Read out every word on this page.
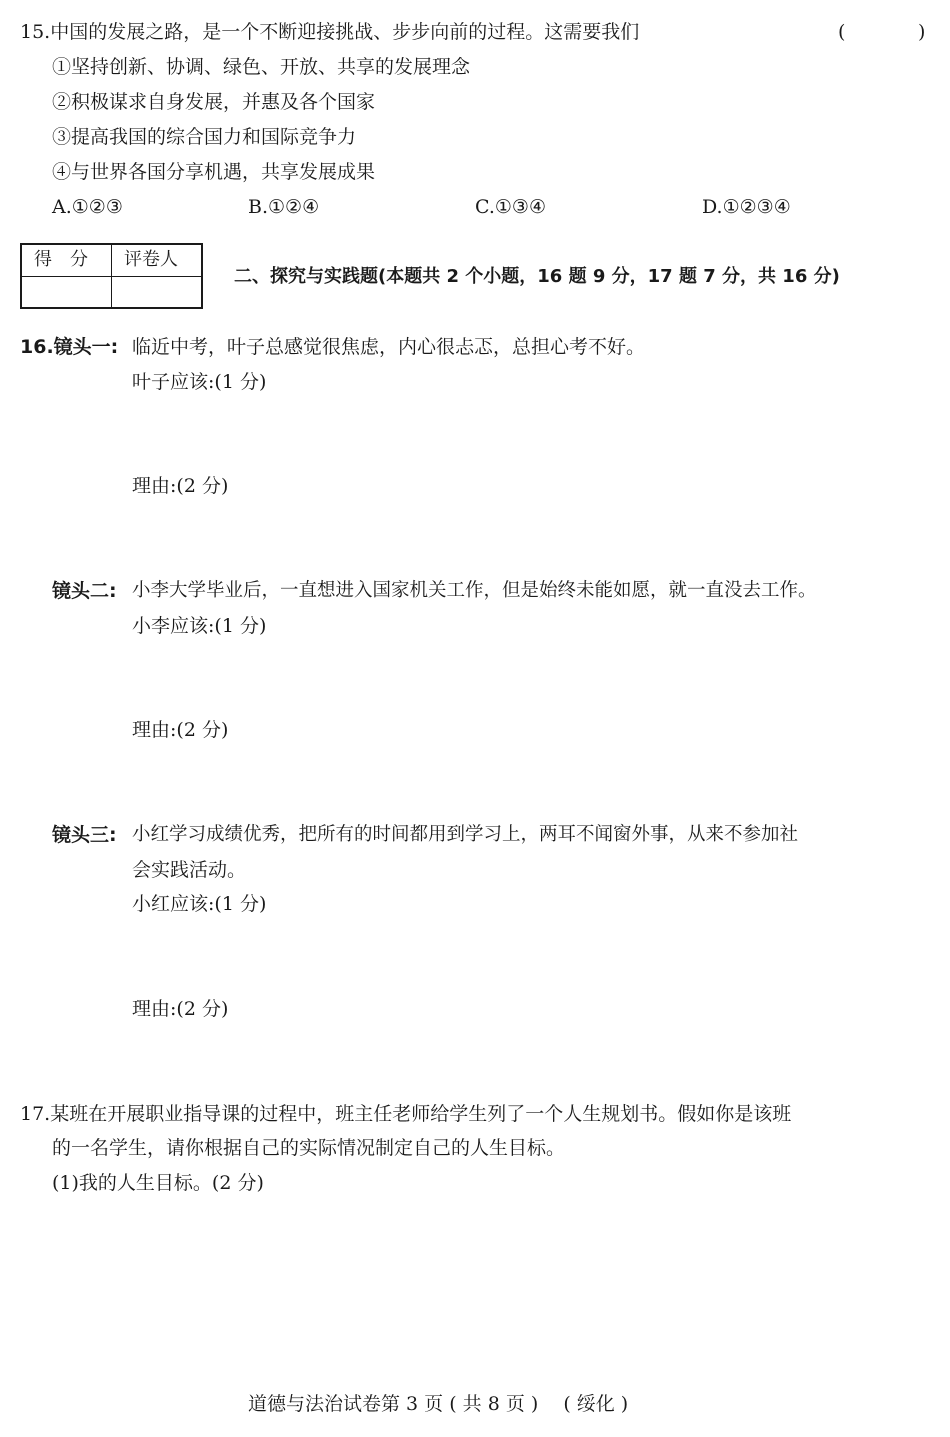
15.中国的发展之路，是一个不断迎接挑战、步步向前的过程。这需要我们	(	)
①坚持创新、协调、绿色、开放、共享的发展理念
②积极谋求自身发展，并惠及各个国家
③提高我国的综合国力和国际竞争力
④与世界各国分享机遇，共享发展成果
A.①②③	B.①②④	C.①③④	D.①②③④
得　分 评卷人
二、探究与实践题(本题共 2 个小题，16 题 9 分，17 题 7 分，共 16 分)
16.镜头一: 临近中考，叶子总感觉很焦虑，内心很忐忑，总担心考不好。
叶子应该:(1 分)
理由:(2 分)
镜头二: 小李大学毕业后，一直想进入国家机关工作，但是始终未能如愿，就一直没去工作。
小李应该:(1 分)
理由:(2 分)
镜头三: 小红学习成绩优秀，把所有的时间都用到学习上，两耳不闻窗外事，从来不参加社
会实践活动。
小红应该:(1 分)
理由:(2 分)
17.某班在开展职业指导课的过程中，班主任老师给学生列了一个人生规划书。假如你是该班
的一名学生，请你根据自己的实际情况制定自己的人生目标。
(1)我的人生目标。(2 分)
道德与法治试卷第 3 页 ( 共 8 页 )　 ( 绥化 )
